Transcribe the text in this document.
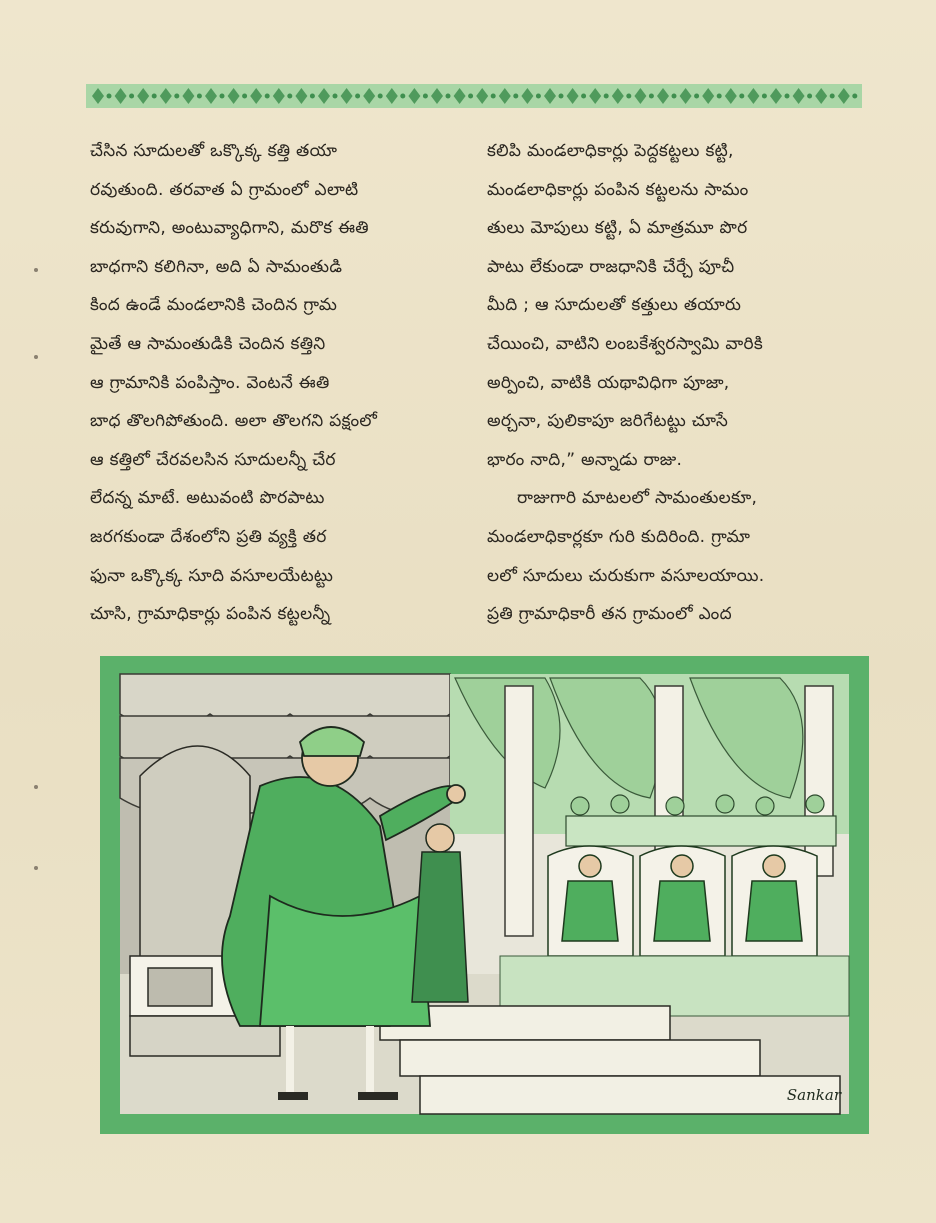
చేసిన సూదులతో ఒక్కొక్క కత్తి తయా
రవుతుంది. తరవాత ఏ గ్రామంలో ఎలాటి
కరువుగాని, అంటువ్యాధిగాని, మరొక ఈతి
బాధగాని కలిగినా, అది ఏ సామంతుడి
కింద ఉండే మండలానికి చెందిన గ్రామ
మైతే ఆ సామంతుడికి చెందిన కత్తిని
ఆ గ్రామానికి పంపిస్తాం. వెంటనే ఈతి
బాధ తొలగిపోతుంది. అలా తొలగని పక్షంలో
ఆ కత్తిలో చేరవలసిన సూదులన్నీ చేర
లేదన్న మాటే. అటువంటి పొరపాటు
జరగకుండా దేశంలోని ప్రతి వ్యక్తి తర
ఫునా ఒక్కొక్క సూది వసూలయేటట్టు
చూసి, గ్రామాధికార్లు పంపిన కట్టలన్నీ

కలిపి మండలాధికార్లు పెద్దకట్టలు కట్టి,
మండలాధికార్లు పంపిన కట్టలను సామం
తులు మోపులు కట్టి, ఏ మాత్రమూ పొర
పాటు లేకుండా రాజధానికి చేర్చే పూచీ
మీది ; ఆ సూదులతో కత్తులు తయారు
చేయించి, వాటిని లంబకేశ్వరస్వామి వారికి
అర్పించి, వాటికి యథావిధిగా పూజా,
అర్చనా, పులికాపూ జరిగేటట్టు చూసే
భారం నాది,” అన్నాడు రాజు.

రాజుగారి మాటలలో సామంతులకూ,
మండలాధికార్లకూ గురి కుదిరింది. గ్రామా
లలో సూదులు చురుకుగా వసూలయాయి.
ప్రతి గ్రామాధికారీ తన గ్రామంలో ఎంద

Sankar
